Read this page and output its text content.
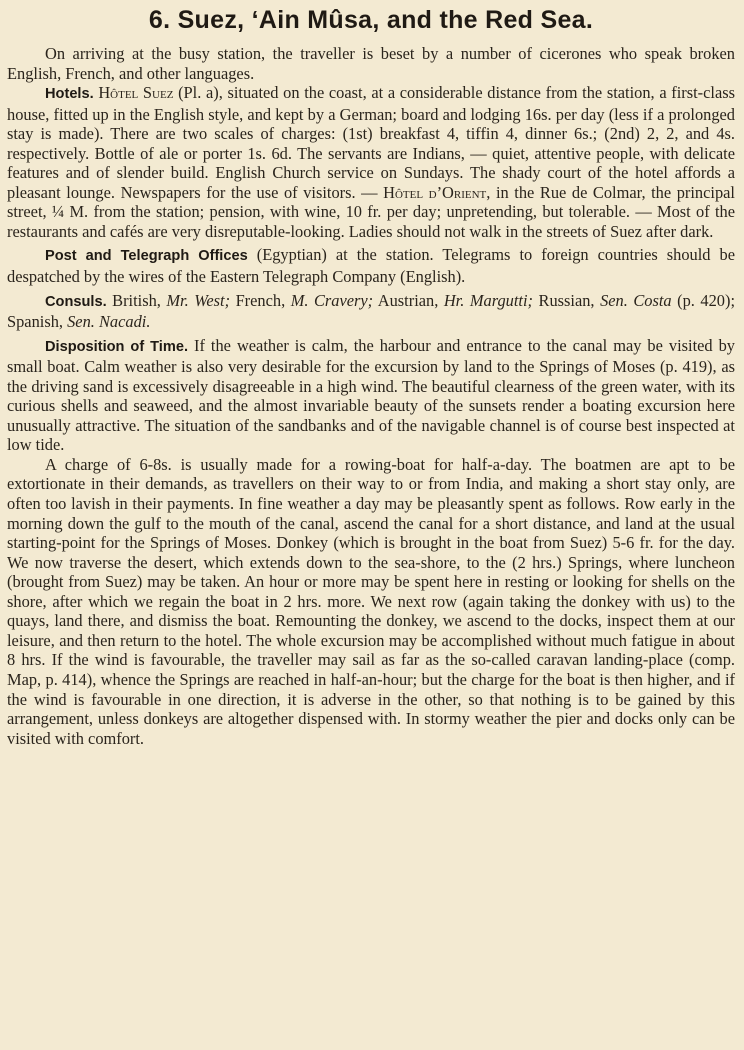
6. Suez, ʻAin Mûsa, and the Red Sea.

On arriving at the busy station, the traveller is beset by a number of cicerones who speak broken English, French, and other languages.

Hotels. Hôtel Suez (Pl. a), situated on the coast, at a considerable distance from the station, a first-class house, fitted up in the English style, and kept by a German; board and lodging 16s. per day (less if a prolonged stay is made). There are two scales of charges: (1st) breakfast 4, tiffin 4, dinner 6s.; (2nd) 2, 2, and 4s. respectively. Bottle of ale or porter 1s. 6d. The servants are Indians, — quiet, attentive people, with delicate features and of slender build. English Church service on Sundays. The shady court of the hotel affords a pleasant lounge. Newspapers for the use of visitors. — Hôtel d’Orient, in the Rue de Colmar, the principal street, ¼ M. from the station; pension, with wine, 10 fr. per day; unpretending, but tolerable. — Most of the restaurants and cafés are very disreputable-looking. Ladies should not walk in the streets of Suez after dark.

Post and Telegraph Offices (Egyptian) at the station. Telegrams to foreign countries should be despatched by the wires of the Eastern Telegraph Company (English).

Consuls. British, Mr. West; French, M. Cravery; Austrian, Hr. Margutti; Russian, Sen. Costa (p. 420); Spanish, Sen. Nacadi.

Disposition of Time. If the weather is calm, the harbour and entrance to the canal may be visited by small boat. Calm weather is also very desirable for the excursion by land to the Springs of Moses (p. 419), as the driving sand is excessively disagreeable in a high wind. The beautiful clearness of the green water, with its curious shells and seaweed, and the almost invariable beauty of the sunsets render a boating excursion here unusually attractive. The situation of the sandbanks and of the navigable channel is of course best inspected at low tide.

A charge of 6-8s. is usually made for a rowing-boat for half-a-day. The boatmen are apt to be extortionate in their demands, as travellers on their way to or from India, and making a short stay only, are often too lavish in their payments. In fine weather a day may be pleasantly spent as follows. Row early in the morning down the gulf to the mouth of the canal, ascend the canal for a short distance, and land at the usual starting-point for the Springs of Moses. Donkey (which is brought in the boat from Suez) 5-6 fr. for the day. We now traverse the desert, which extends down to the sea-shore, to the (2 hrs.) Springs, where luncheon (brought from Suez) may be taken. An hour or more may be spent here in resting or looking for shells on the shore, after which we regain the boat in 2 hrs. more. We next row (again taking the donkey with us) to the quays, land there, and dismiss the boat. Remounting the donkey, we ascend to the docks, inspect them at our leisure, and then return to the hotel. The whole excursion may be accomplished without much fatigue in about 8 hrs. If the wind is favourable, the traveller may sail as far as the so-called caravan landing-place (comp. Map, p. 414), whence the Springs are reached in half-an-hour; but the charge for the boat is then higher, and if the wind is favourable in one direction, it is adverse in the other, so that nothing is to be gained by this arrangement, unless donkeys are altogether dispensed with. In stormy weather the pier and docks only can be visited with comfort.
